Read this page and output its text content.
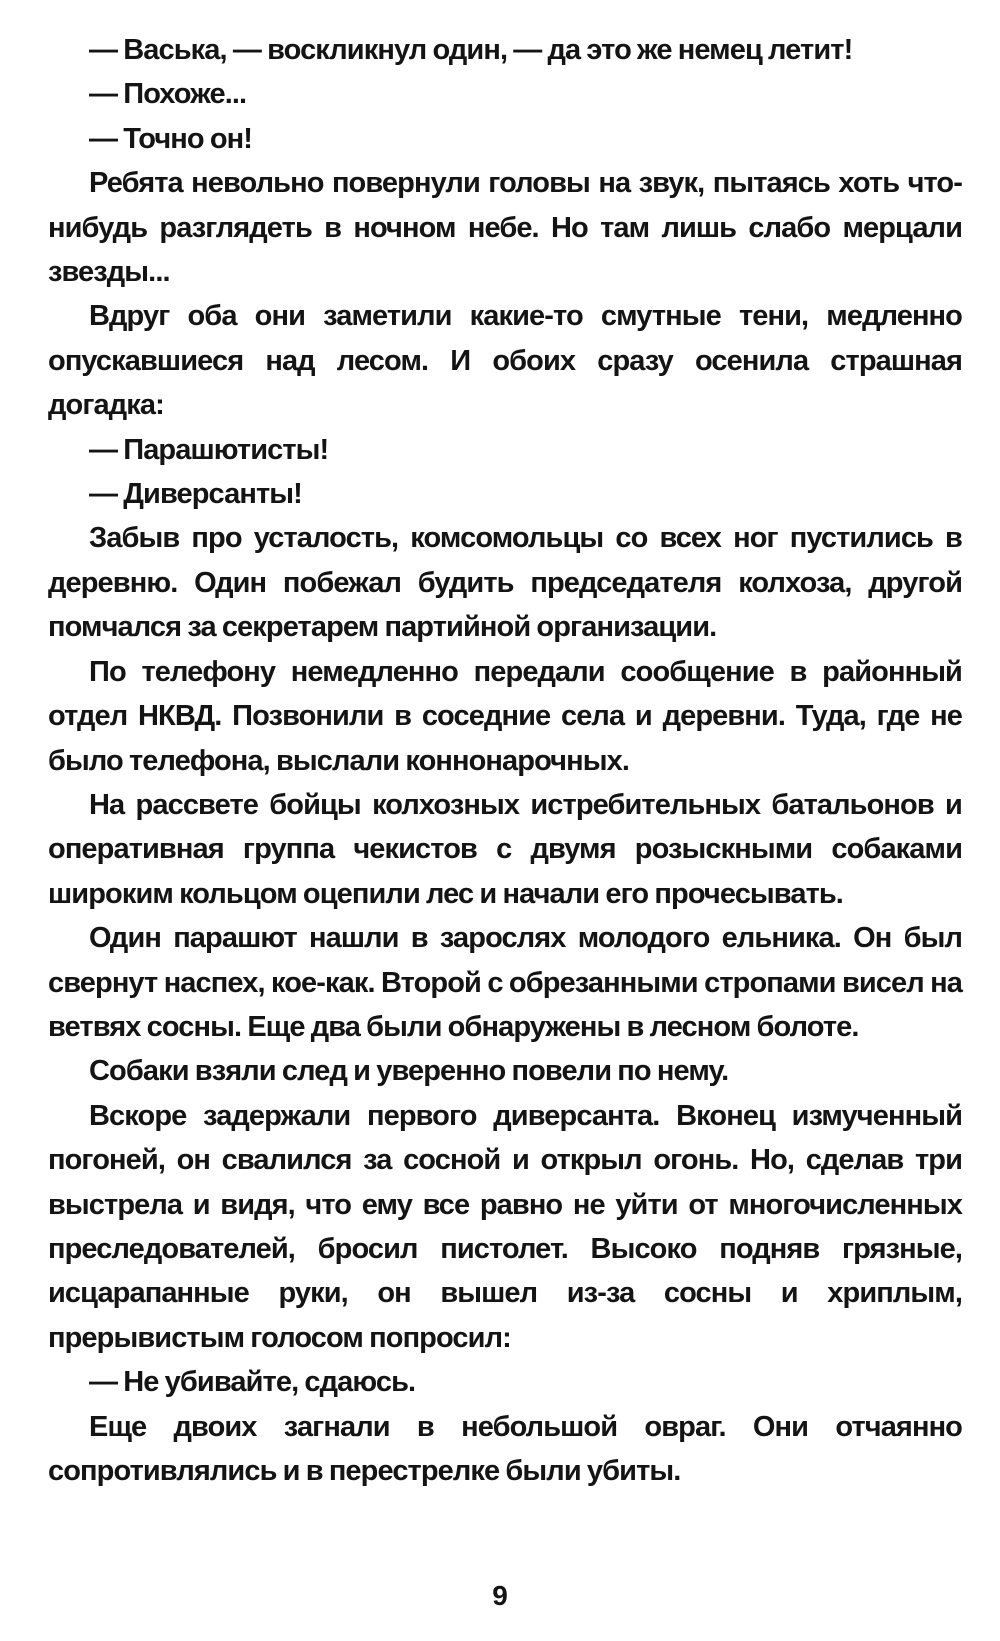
— Васька, — воскликнул один, — да это же немец летит!

— Похоже...

— Точно он!

Ребята невольно повернули головы на звук, пытаясь хоть что-нибудь разглядеть в ночном небе. Но там лишь слабо мерцали звезды...

Вдруг оба они заметили какие-то смутные тени, медленно опускавшиеся над лесом. И обоих сразу осенила страшная догадка:

— Парашютисты!

— Диверсанты!

Забыв про усталость, комсомольцы со всех ног пустились в деревню. Один побежал будить председателя колхоза, другой помчался за секретарем партийной организации.

По телефону немедленно передали сообщение в районный отдел НКВД. Позвонили в соседние села и деревни. Туда, где не было телефона, выслали коннонарочных.

На рассвете бойцы колхозных истребительных батальонов и оперативная группа чекистов с двумя розыскными собаками широким кольцом оцепили лес и начали его прочесывать.

Один парашют нашли в зарослях молодого ельника. Он был свернут наспех, кое-как. Второй с обрезанными стропами висел на ветвях сосны. Еще два были обнаружены в лесном болоте.

Собаки взяли след и уверенно повели по нему.

Вскоре задержали первого диверсанта. Вконец измученный погоней, он свалился за сосной и открыл огонь. Но, сделав три выстрела и видя, что ему все равно не уйти от многочисленных преследователей, бросил пистолет. Высоко подняв грязные, исцарапанные руки, он вышел из-за сосны и хриплым, прерывистым голосом попросил:

— Не убивайте, сдаюсь.

Еще двоих загнали в небольшой овраг. Они отчаянно сопротивлялись и в перестрелке были убиты.

9
